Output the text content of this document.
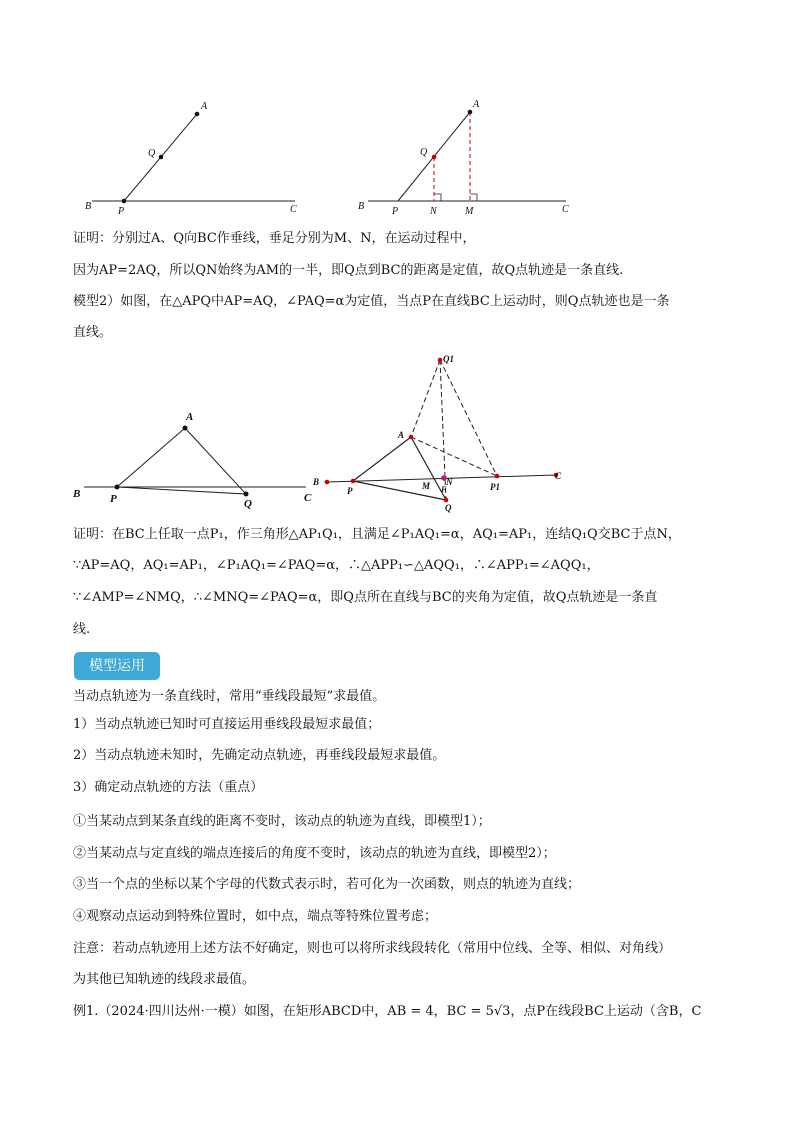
A
Q
B	P	C
A
Q
B	P	N	M	C
证明：分别过A、Q向BC作垂线，垂足分别为M、N，在运动过程中，
因为AP=2AQ，所以QN始终为AM的一半，即Q点到BC的距离是定值，故Q点轨迹是一条直线.
模型2）如图，在△APQ中AP=AQ，∠PAQ=α为定值，当点P在直线BC上运动时，则Q点轨迹也是一条
直线。
A
B	P	Q	C
Q1
A
B
P	M N
F
Q
P1
C
证明：在BC上任取一点P₁，作三角形△AP₁Q₁，且满足∠P₁AQ₁=α，AQ₁=AP₁，连结Q₁Q交BC于点N，
∵AP=AQ，AQ₁=AP₁，∠P₁AQ₁=∠PAQ=α，∴△APP₁∽△AQQ₁，∴∠APP₁=∠AQQ₁，
∵∠AMP=∠NMQ，∴∠MNQ=∠PAQ=α，即Q点所在直线与BC的夹角为定值，故Q点轨迹是一条直
线.
模型运用
当动点轨迹为一条直线时，常用“垂线段最短”求最值。
1）当动点轨迹已知时可直接运用垂线段最短求最值；
2）当动点轨迹未知时，先确定动点轨迹，再垂线段最短求最值。
3）确定动点轨迹的方法（重点）
①当某动点到某条直线的距离不变时，该动点的轨迹为直线，即模型1）；
②当某动点与定直线的端点连接后的角度不变时，该动点的轨迹为直线，即模型2）；
③当一个点的坐标以某个字母的代数式表示时，若可化为一次函数，则点的轨迹为直线；
④观察动点运动到特殊位置时，如中点，端点等特殊位置考虑；
注意：若动点轨迹用上述方法不好确定，则也可以将所求线段转化（常用中位线、全等、相似、对角线）
为其他已知轨迹的线段求最值。
例1.（2024·四川达州·一模）如图，在矩形ABCD中，AB = 4，BC = 5√3，点P在线段BC上运动（含B，C
